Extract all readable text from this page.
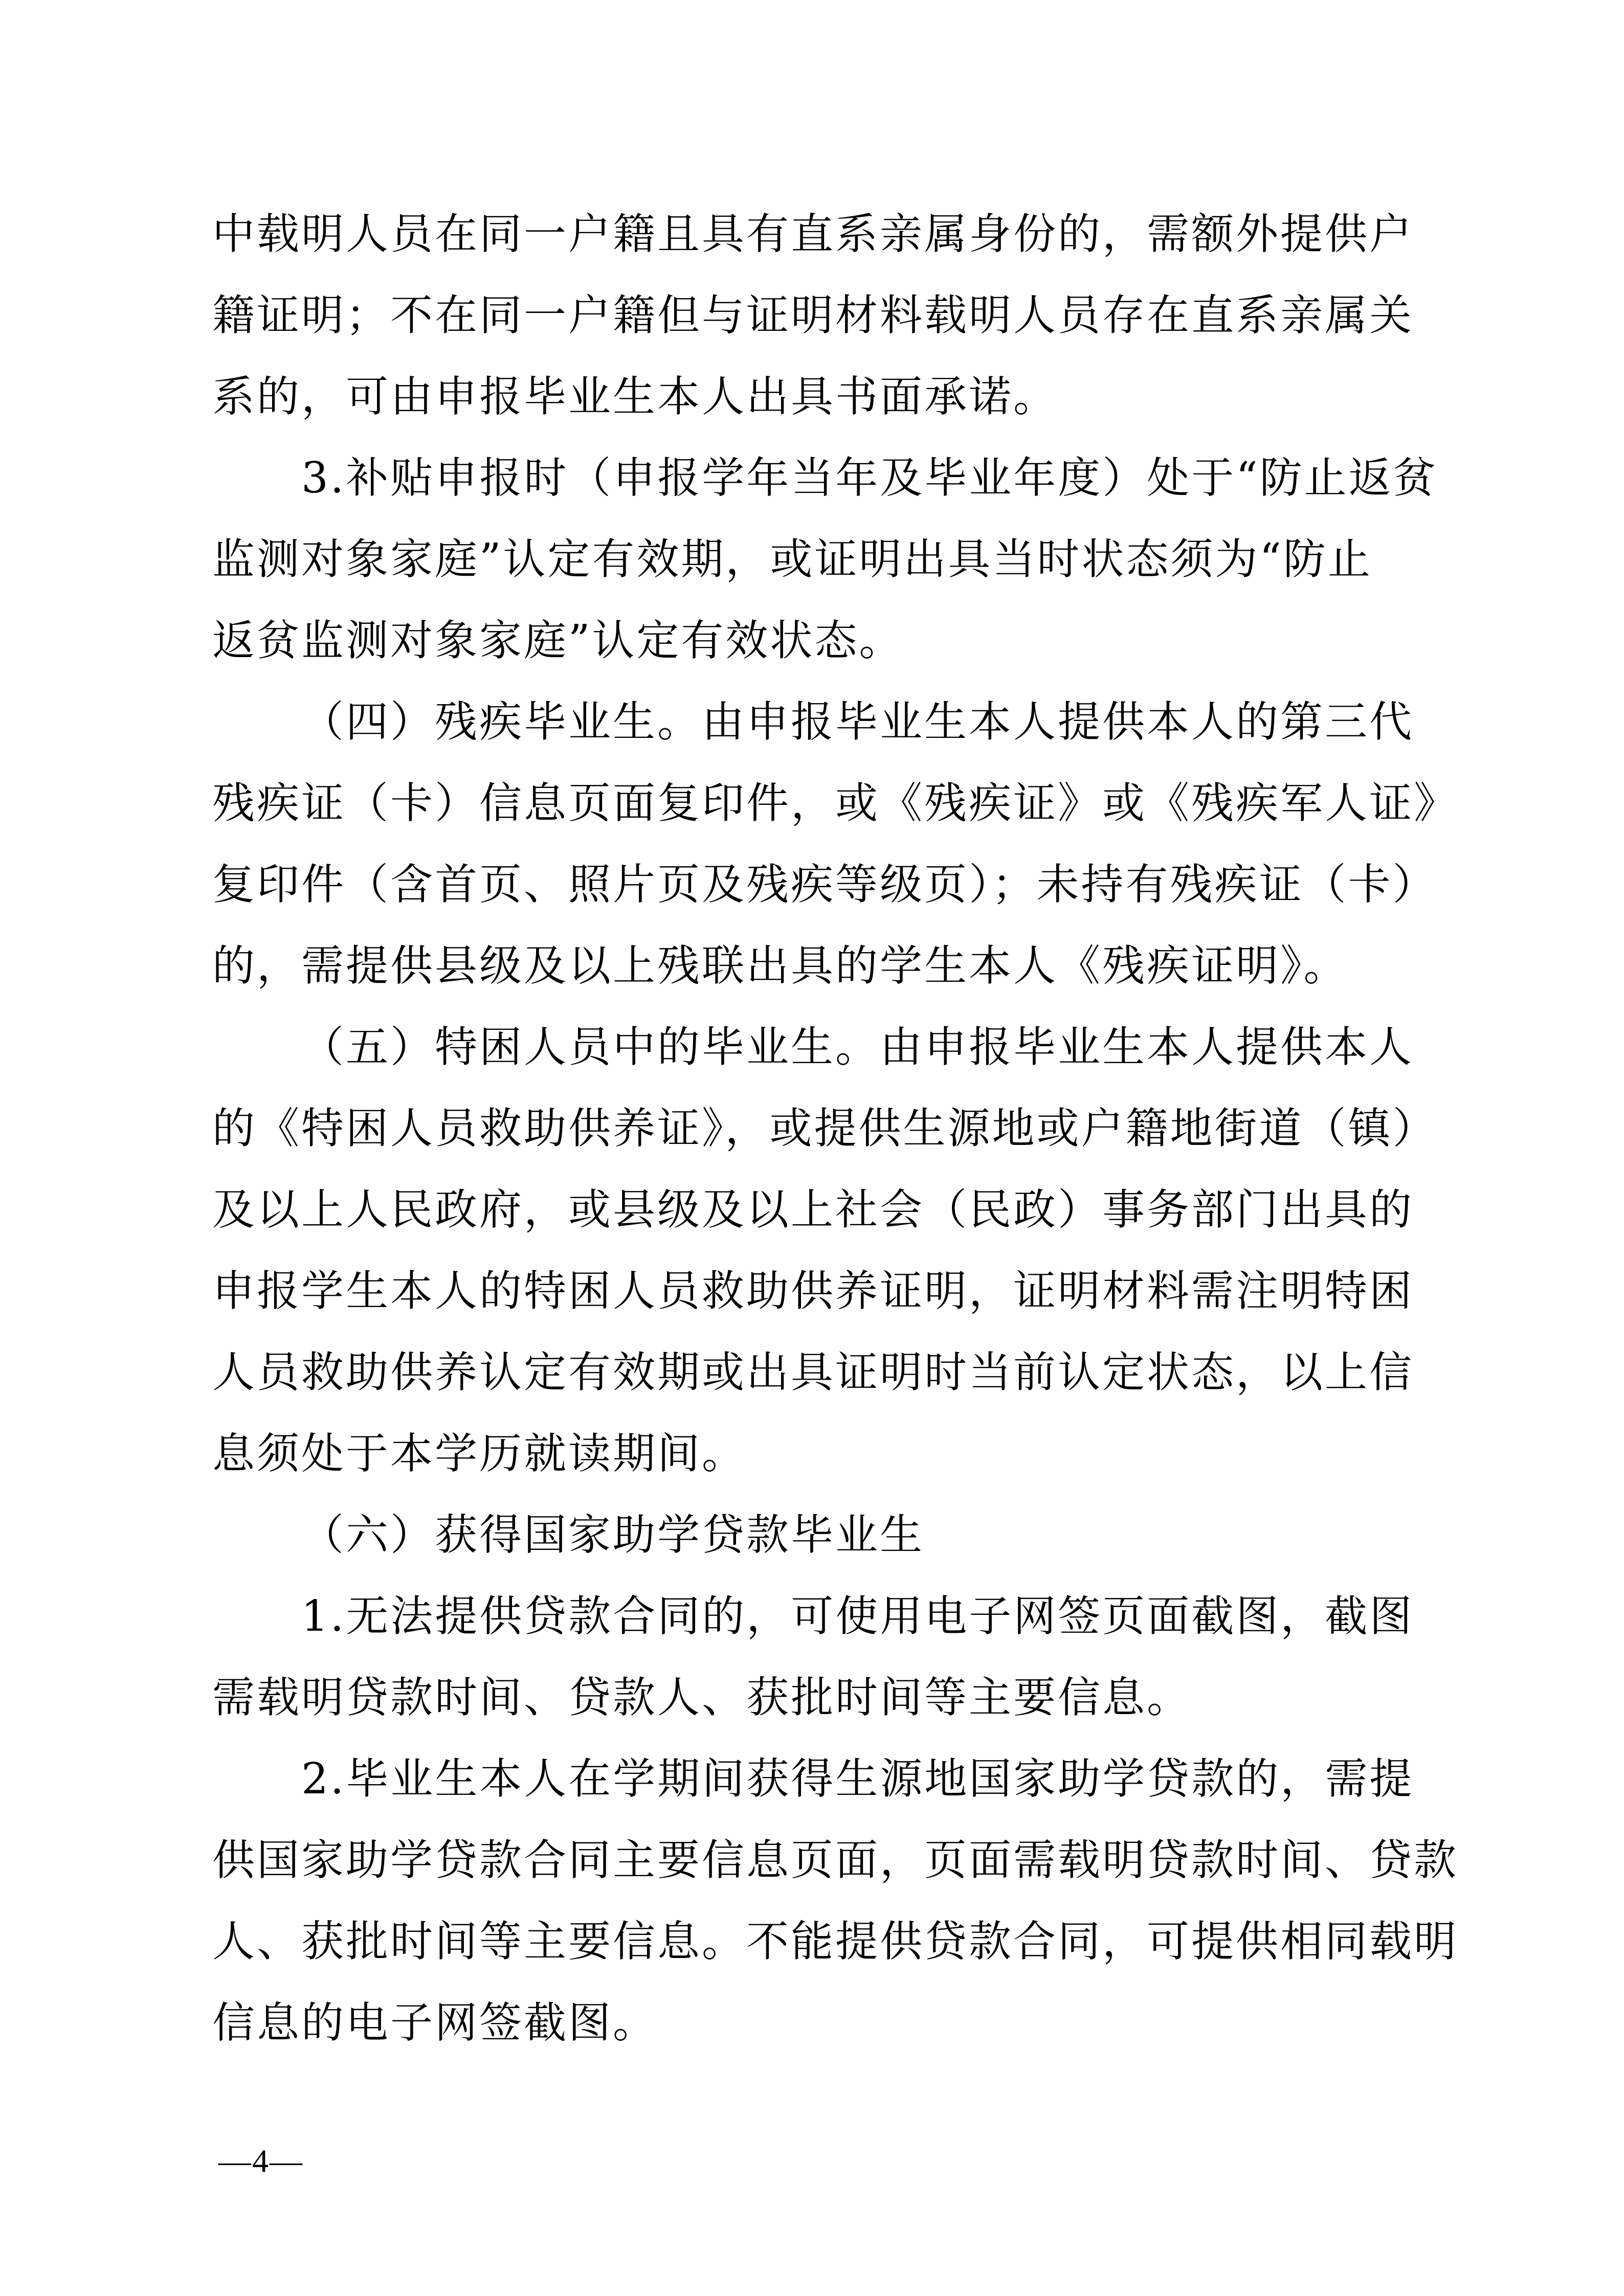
中载明人员在同一户籍且具有直系亲属身份的，需额外提供户
籍证明；不在同一户籍但与证明材料载明人员存在直系亲属关
系的，可由申报毕业生本人出具书面承诺。
3.补贴申报时（申报学年当年及毕业年度）处于“防止返贫
监测对象家庭”认定有效期，或证明出具当时状态须为“防止
返贫监测对象家庭”认定有效状态。
（四）残疾毕业生。由申报毕业生本人提供本人的第三代
残疾证（卡）信息页面复印件，或《残疾证》或《残疾军人证》
复印件（含首页、照片页及残疾等级页）；未持有残疾证（卡）
的，需提供县级及以上残联出具的学生本人《残疾证明》。
（五）特困人员中的毕业生。由申报毕业生本人提供本人
的《特困人员救助供养证》，或提供生源地或户籍地街道（镇）
及以上人民政府，或县级及以上社会（民政）事务部门出具的
申报学生本人的特困人员救助供养证明，证明材料需注明特困
人员救助供养认定有效期或出具证明时当前认定状态，以上信
息须处于本学历就读期间。
（六）获得国家助学贷款毕业生
1.无法提供贷款合同的，可使用电子网签页面截图，截图
需载明贷款时间、贷款人、获批时间等主要信息。
2.毕业生本人在学期间获得生源地国家助学贷款的，需提
供国家助学贷款合同主要信息页面，页面需载明贷款时间、贷款
人、获批时间等主要信息。不能提供贷款合同，可提供相同载明
信息的电子网签截图。
—4—
